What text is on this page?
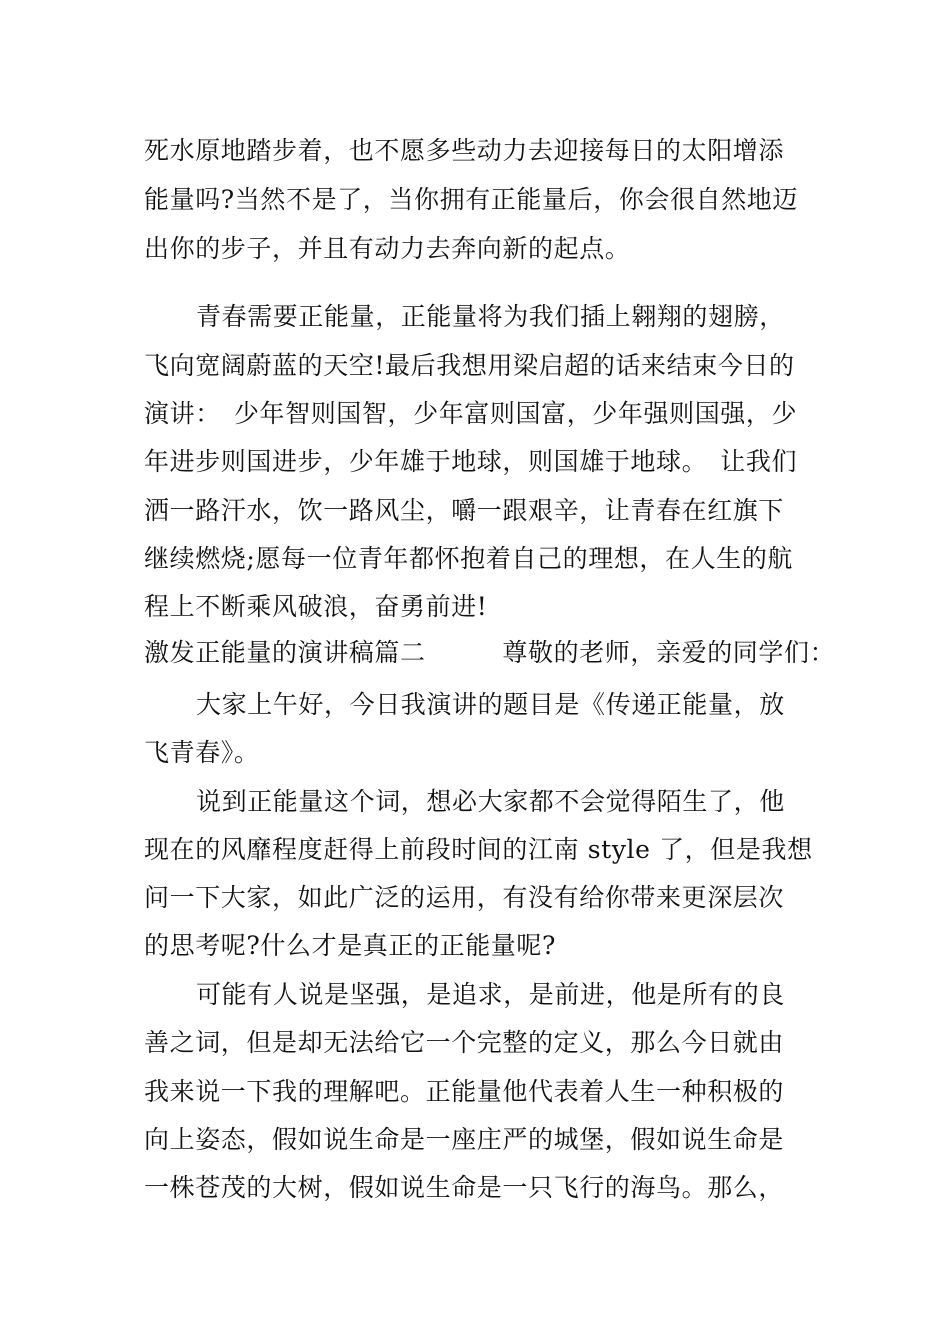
死水原地踏步着，也不愿多些动力去迎接每日的太阳增添
能量吗?当然不是了，当你拥有正能量后，你会很自然地迈
出你的步子，并且有动力去奔向新的起点。
青春需要正能量，正能量将为我们插上翱翔的翅膀，
飞向宽阔蔚蓝的天空!最后我想用梁启超的话来结束今日的
演讲：　少年智则国智，少年富则国富，少年强则国强，少
年进步则国进步，少年雄于地球，则国雄于地球。　让我们
洒一路汗水，饮一路风尘，嚼一跟艰辛，让青春在红旗下
继续燃烧;愿每一位青年都怀抱着自己的理想，在人生的航
程上不断乘风破浪，奋勇前进!
激发正能量的演讲稿篇二　　　尊敬的老师，亲爱的同学们：
大家上午好，今日我演讲的题目是《传递正能量，放
飞青春》。
说到正能量这个词，想必大家都不会觉得陌生了，他
现在的风靡程度赶得上前段时间的江南 style 了，但是我想
问一下大家，如此广泛的运用，有没有给你带来更深层次
的思考呢?什么才是真正的正能量呢?
可能有人说是坚强，是追求，是前进，他是所有的良
善之词，但是却无法给它一个完整的定义，那么今日就由
我来说一下我的理解吧。正能量他代表着人生一种积极的
向上姿态，假如说生命是一座庄严的城堡，假如说生命是
一株苍茂的大树，假如说生命是一只飞行的海鸟。那么，
